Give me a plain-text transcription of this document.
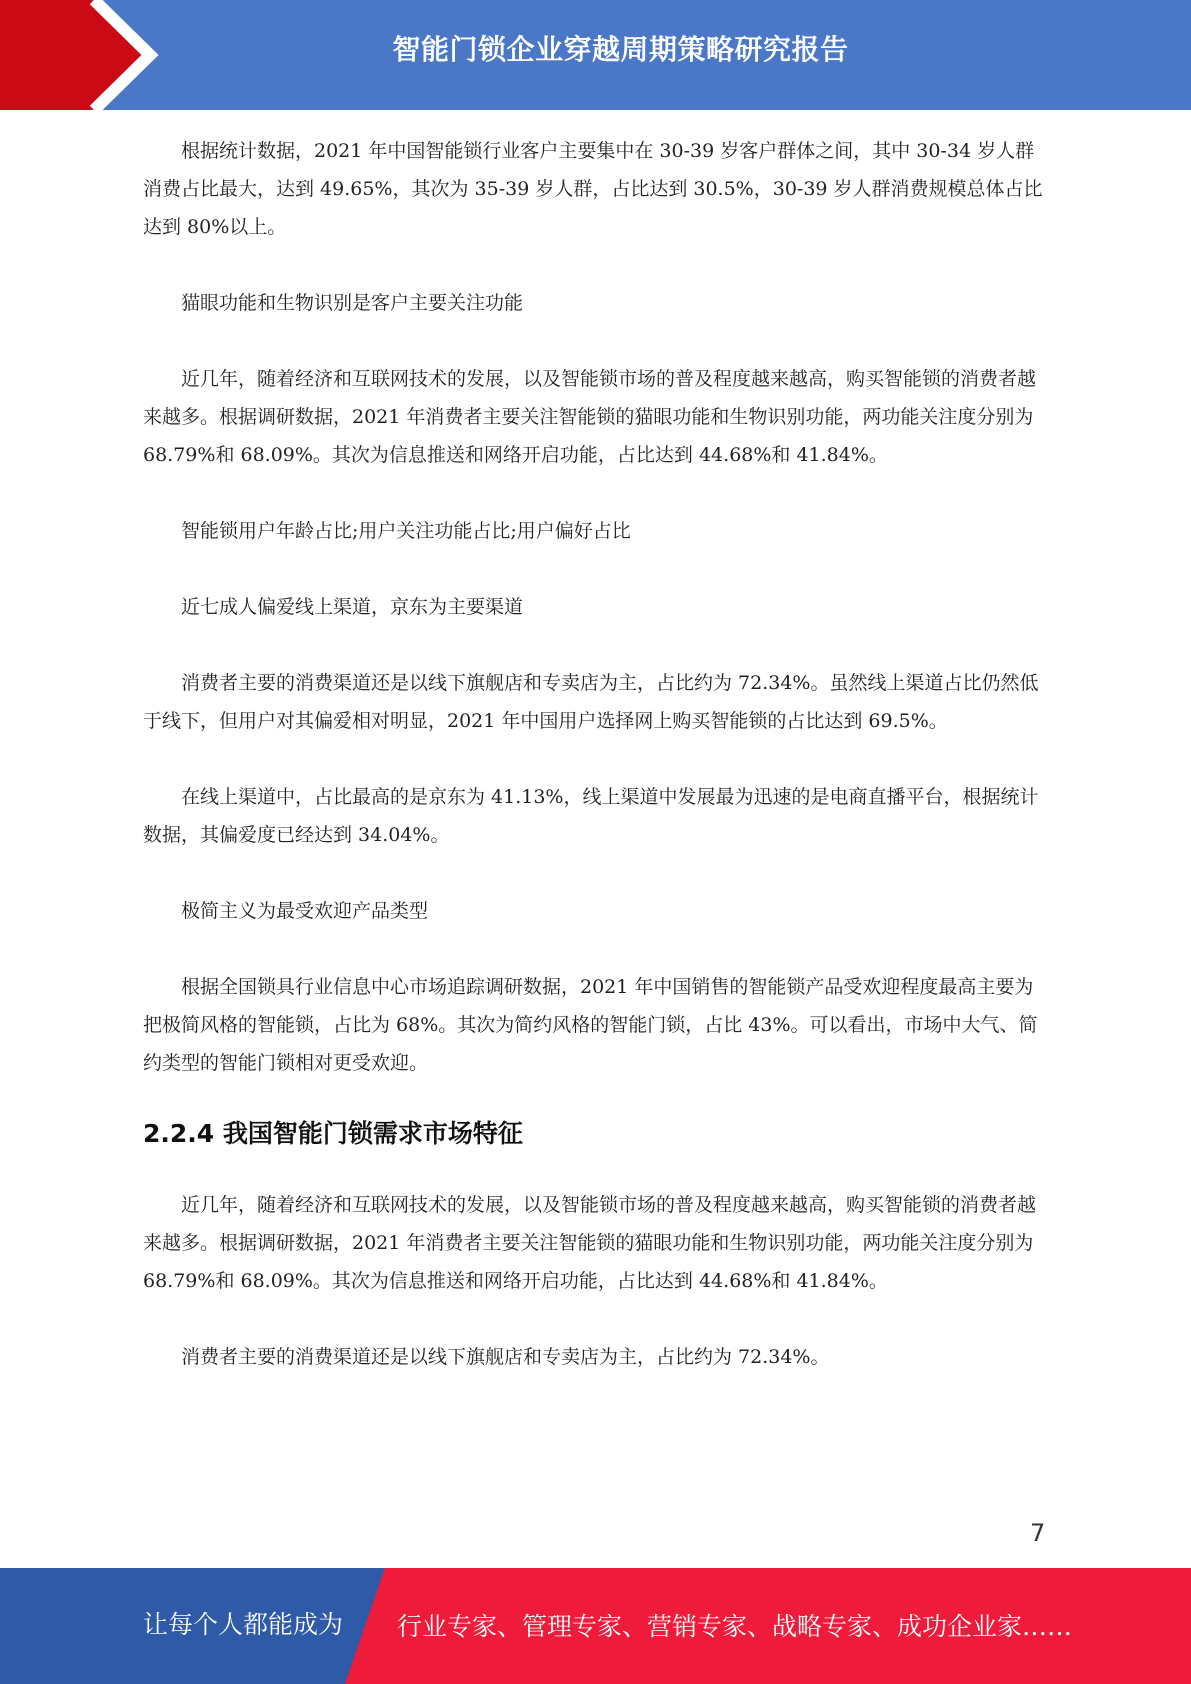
智能门锁企业穿越周期策略研究报告

根据统计数据，2021 年中国智能锁行业客户主要集中在 30-39 岁客户群体之间，其中 30-34 岁人群消费占比最大，达到 49.65%，其次为 35-39 岁人群，占比达到 30.5%，30-39 岁人群消费规模总体占比达到 80%以上。

猫眼功能和生物识别是客户主要关注功能

近几年，随着经济和互联网技术的发展，以及智能锁市场的普及程度越来越高，购买智能锁的消费者越来越多。根据调研数据，2021 年消费者主要关注智能锁的猫眼功能和生物识别功能，两功能关注度分别为 68.79%和 68.09%。其次为信息推送和网络开启功能，占比达到 44.68%和 41.84%。

智能锁用户年龄占比;用户关注功能占比;用户偏好占比

近七成人偏爱线上渠道，京东为主要渠道

消费者主要的消费渠道还是以线下旗舰店和专卖店为主，占比约为 72.34%。虽然线上渠道占比仍然低于线下，但用户对其偏爱相对明显，2021 年中国用户选择网上购买智能锁的占比达到 69.5%。

在线上渠道中，占比最高的是京东为 41.13%，线上渠道中发展最为迅速的是电商直播平台，根据统计数据，其偏爱度已经达到 34.04%。

极简主义为最受欢迎产品类型

根据全国锁具行业信息中心市场追踪调研数据，2021 年中国销售的智能锁产品受欢迎程度最高主要为把极简风格的智能锁，占比为 68%。其次为简约风格的智能门锁，占比 43%。可以看出，市场中大气、简约类型的智能门锁相对更受欢迎。

2.2.4 我国智能门锁需求市场特征

近几年，随着经济和互联网技术的发展，以及智能锁市场的普及程度越来越高，购买智能锁的消费者越来越多。根据调研数据，2021 年消费者主要关注智能锁的猫眼功能和生物识别功能，两功能关注度分别为 68.79%和 68.09%。其次为信息推送和网络开启功能，占比达到 44.68%和 41.84%。

消费者主要的消费渠道还是以线下旗舰店和专卖店为主，占比约为 72.34%。

7
让每个人都能成为 行业专家、管理专家、营销专家、战略专家、成功企业家……
